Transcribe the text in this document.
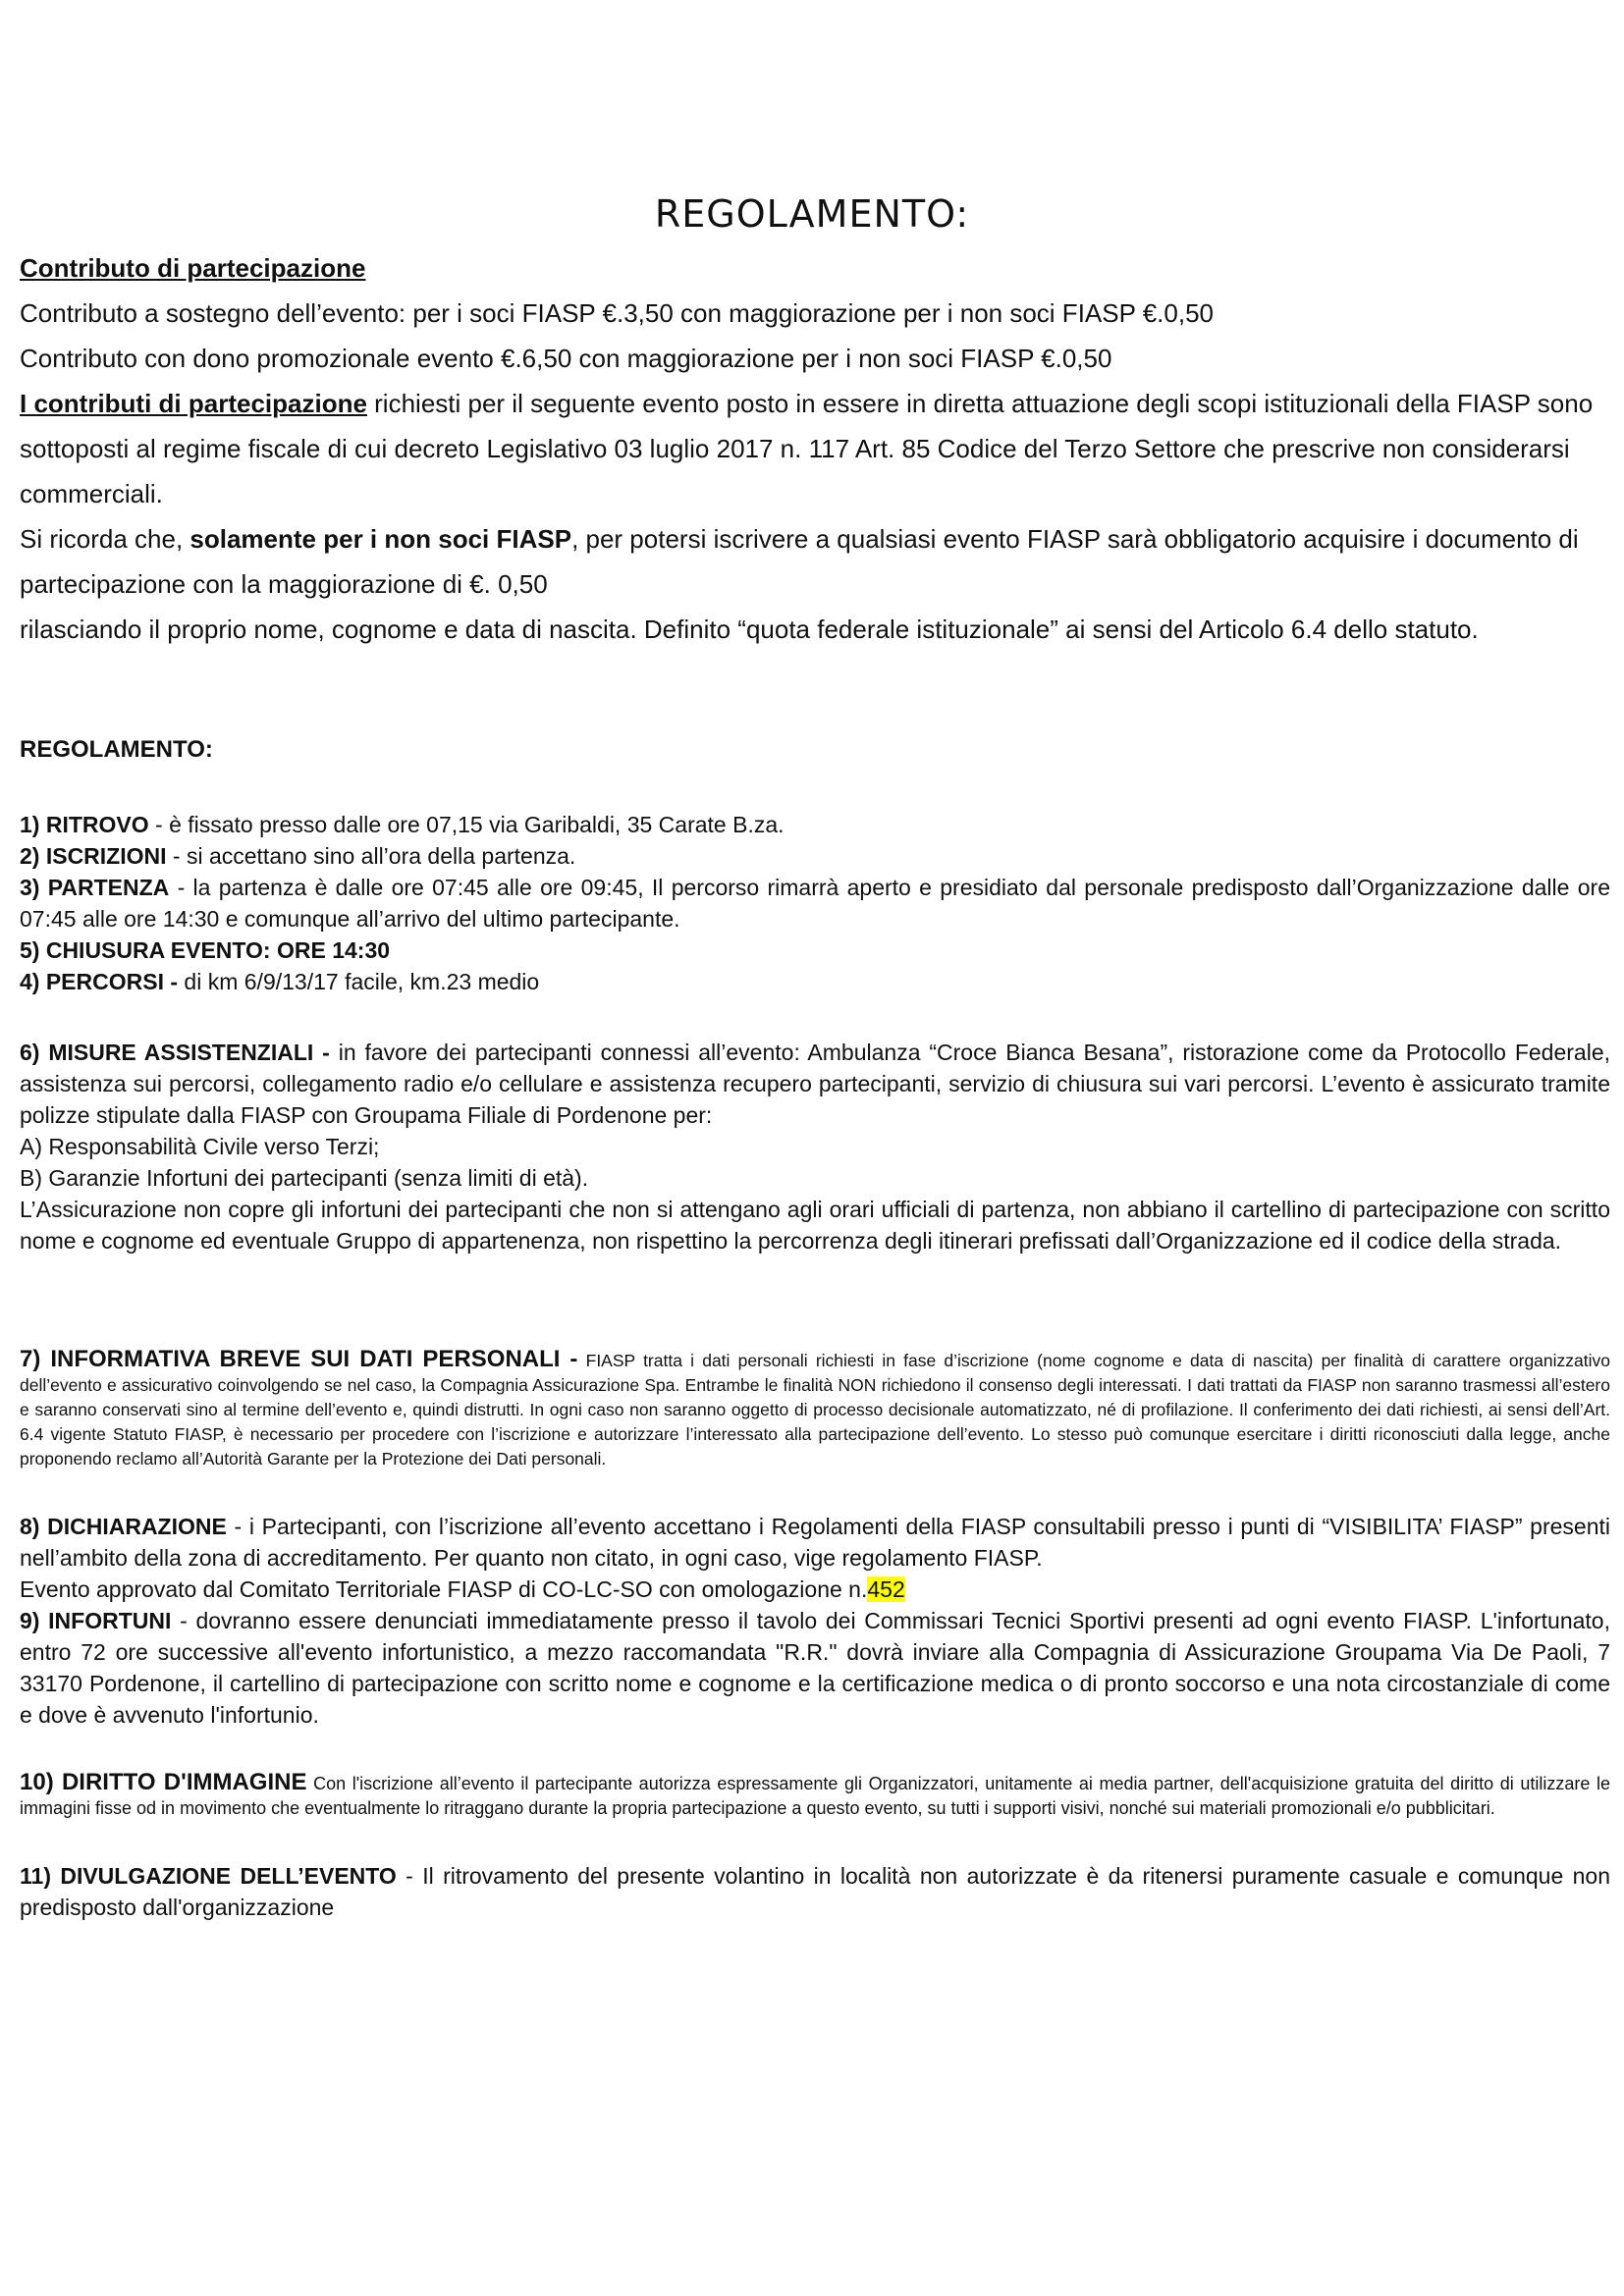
REGOLAMENTO:

Contributo di partecipazione

Contributo a sostegno dell’evento: per i soci FIASP €.3,50 con maggiorazione per i non soci FIASP €.0,50

Contributo con dono promozionale evento €.6,50 con maggiorazione per i non soci FIASP €.0,50

I contributi di partecipazione richiesti per il seguente evento posto in essere in diretta attuazione degli scopi istituzionali della FIASP sono sottoposti al regime fiscale di cui decreto Legislativo 03 luglio 2017 n. 117 Art. 85 Codice del Terzo Settore che prescrive non considerarsi commerciali.

Si ricorda che, solamente per i non soci FIASP, per potersi iscrivere a qualsiasi evento FIASP sarà obbligatorio acquisire i documento di partecipazione con la maggiorazione di €. 0,50

rilasciando il proprio nome, cognome e data di nascita. Definito “quota federale istituzionale” ai sensi del Articolo 6.4 dello statuto.

REGOLAMENTO:

1) RITROVO - è fissato presso dalle ore 07,15 via Garibaldi, 35 Carate B.za.

2) ISCRIZIONI - si accettano sino all’ora della partenza.

3) PARTENZA - la partenza è dalle ore 07:45 alle ore 09:45, Il percorso rimarrà aperto e presidiato dal personale predisposto dall’Organizzazione dalle ore 07:45 alle ore 14:30 e comunque all’arrivo del ultimo partecipante.

5) CHIUSURA EVENTO: ORE 14:30

4) PERCORSI - di km 6/9/13/17 facile, km.23 medio

6) MISURE ASSISTENZIALI - in favore dei partecipanti connessi all’evento: Ambulanza “Croce Bianca Besana”, ristorazione come da Protocollo Federale, assistenza sui percorsi, collegamento radio e/o cellulare e assistenza recupero partecipanti, servizio di chiusura sui vari percorsi. L’evento è assicurato tramite polizze stipulate dalla FIASP con Groupama Filiale di Pordenone per:

A) Responsabilità Civile verso Terzi;

B) Garanzie Infortuni dei partecipanti (senza limiti di età).

L’Assicurazione non copre gli infortuni dei partecipanti che non si attengano agli orari ufficiali di partenza, non abbiano il cartellino di partecipazione con scritto nome e cognome ed eventuale Gruppo di appartenenza, non rispettino la percorrenza degli itinerari prefissati dall’Organizzazione ed il codice della strada.

7) INFORMATIVA BREVE SUI DATI PERSONALI - FIASP tratta i dati personali richiesti in fase d’iscrizione (nome cognome e data di nascita) per finalità di carattere organizzativo dell’evento e assicurativo coinvolgendo se nel caso, la Compagnia Assicurazione Spa. Entrambe le finalità NON richiedono il consenso degli interessati. I dati trattati da FIASP non saranno trasmessi all’estero e saranno conservati sino al termine dell’evento e, quindi distrutti. In ogni caso non saranno oggetto di processo decisionale automatizzato, né di profilazione. Il conferimento dei dati richiesti, ai sensi dell’Art. 6.4 vigente Statuto FIASP, è necessario per procedere con l’iscrizione e autorizzare l’interessato alla partecipazione dell’evento. Lo stesso può comunque esercitare i diritti riconosciuti dalla legge, anche proponendo reclamo all’Autorità Garante per la Protezione dei Dati personali.

8) DICHIARAZIONE - i Partecipanti, con l’iscrizione all’evento accettano i Regolamenti della FIASP consultabili presso i punti di “VISIBILITA’ FIASP” presenti nell’ambito della zona di accreditamento. Per quanto non citato, in ogni caso, vige regolamento FIASP.

Evento approvato dal Comitato Territoriale FIASP di CO-LC-SO con omologazione n.452

9) INFORTUNI - dovranno essere denunciati immediatamente presso il tavolo dei Commissari Tecnici Sportivi presenti ad ogni evento FIASP. L'infortunato, entro 72 ore successive all'evento infortunistico, a mezzo raccomandata "R.R." dovrà inviare alla Compagnia di Assicurazione Groupama Via De Paoli, 7 33170 Pordenone, il cartellino di partecipazione con scritto nome e cognome e la certificazione medica o di pronto soccorso e una nota circostanziale di come e dove è avvenuto l'infortunio.

10) DIRITTO D'IMMAGINE Con l'iscrizione all’evento il partecipante autorizza espressamente gli Organizzatori, unitamente ai media partner, dell'acquisizione gratuita del diritto di utilizzare le immagini fisse od in movimento che eventualmente lo ritraggano durante la propria partecipazione a questo evento, su tutti i supporti visivi, nonché sui materiali promozionali e/o pubblicitari.

11) DIVULGAZIONE DELL’EVENTO - Il ritrovamento del presente volantino in località non autorizzate è da ritenersi puramente casuale e comunque non predisposto dall'organizzazione
